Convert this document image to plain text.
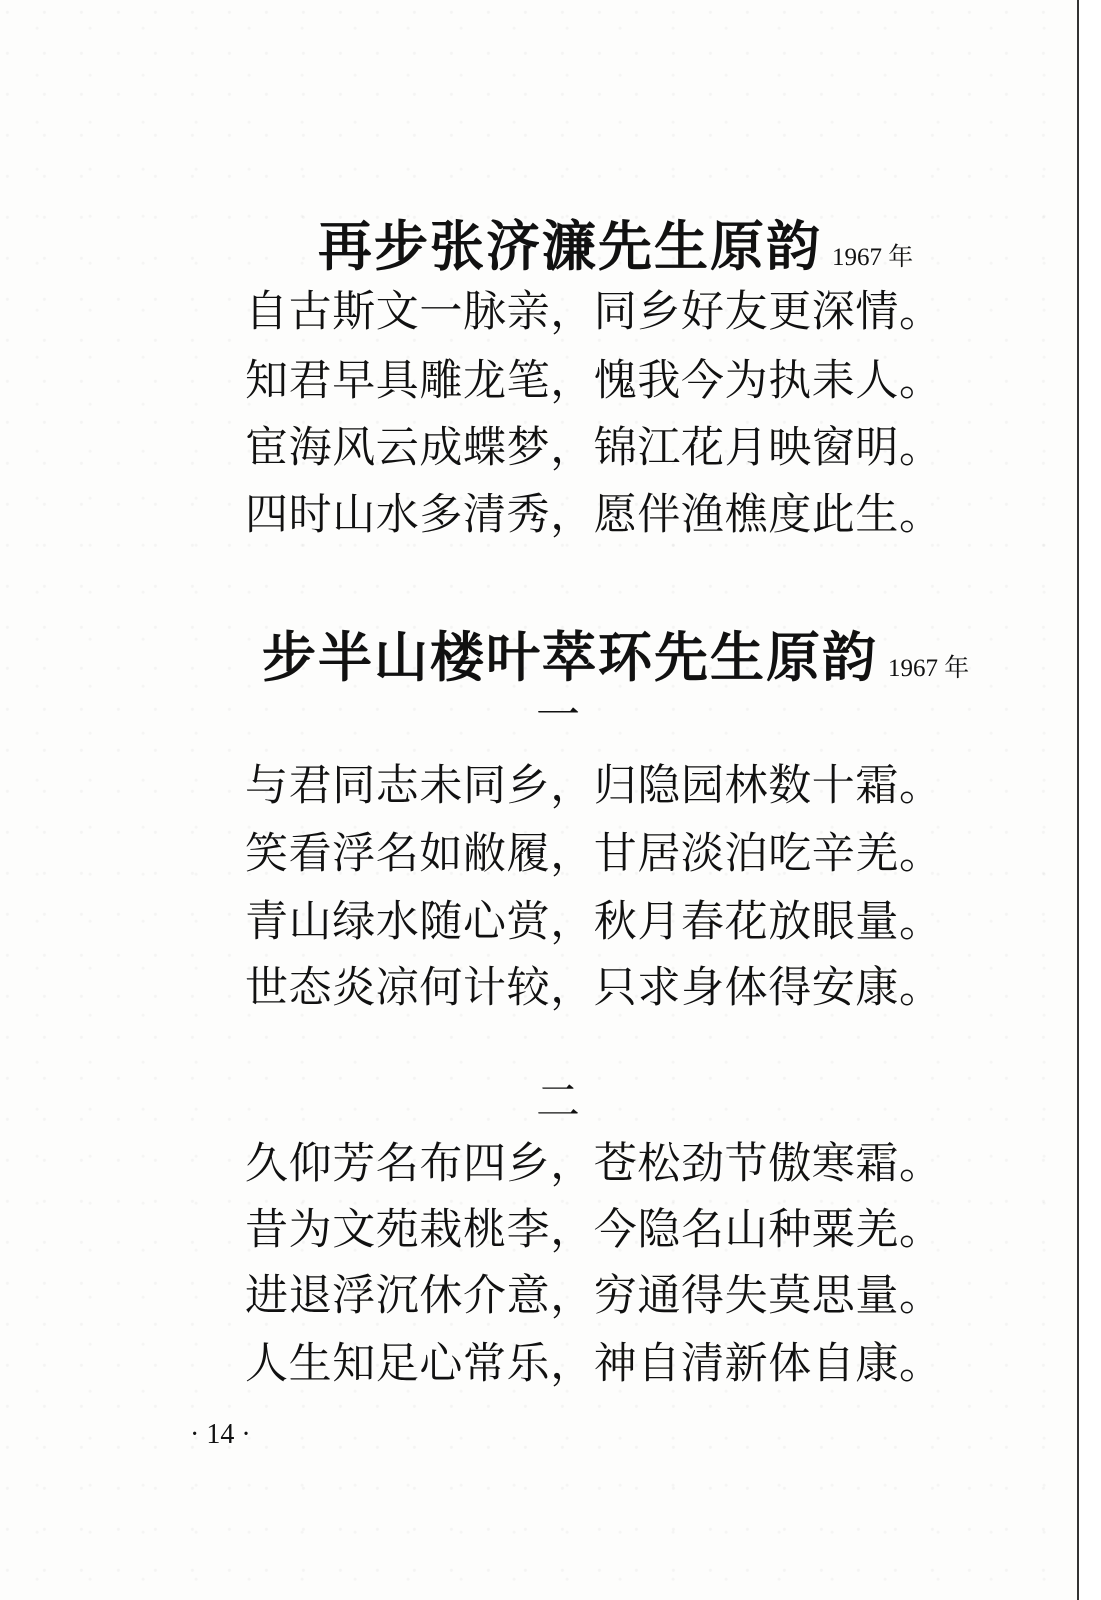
再步张济濂先生原韵 1967 年
自古斯文一脉亲，同乡好友更深情。
知君早具雕龙笔，愧我今为执耒人。
宦海风云成蝶梦，锦江花月映窗明。
四时山水多清秀，愿伴渔樵度此生。
步半山楼叶萃环先生原韵 1967 年
一
与君同志未同乡，归隐园林数十霜。
笑看浮名如敝履，甘居淡泊吃辛羌。
青山绿水随心赏，秋月春花放眼量。
世态炎凉何计较，只求身体得安康。
二
久仰芳名布四乡，苍松劲节傲寒霜。
昔为文苑栽桃李，今隐名山种粟羌。
进退浮沉休介意，穷通得失莫思量。
人生知足心常乐，神自清新体自康。
· 14 ·
